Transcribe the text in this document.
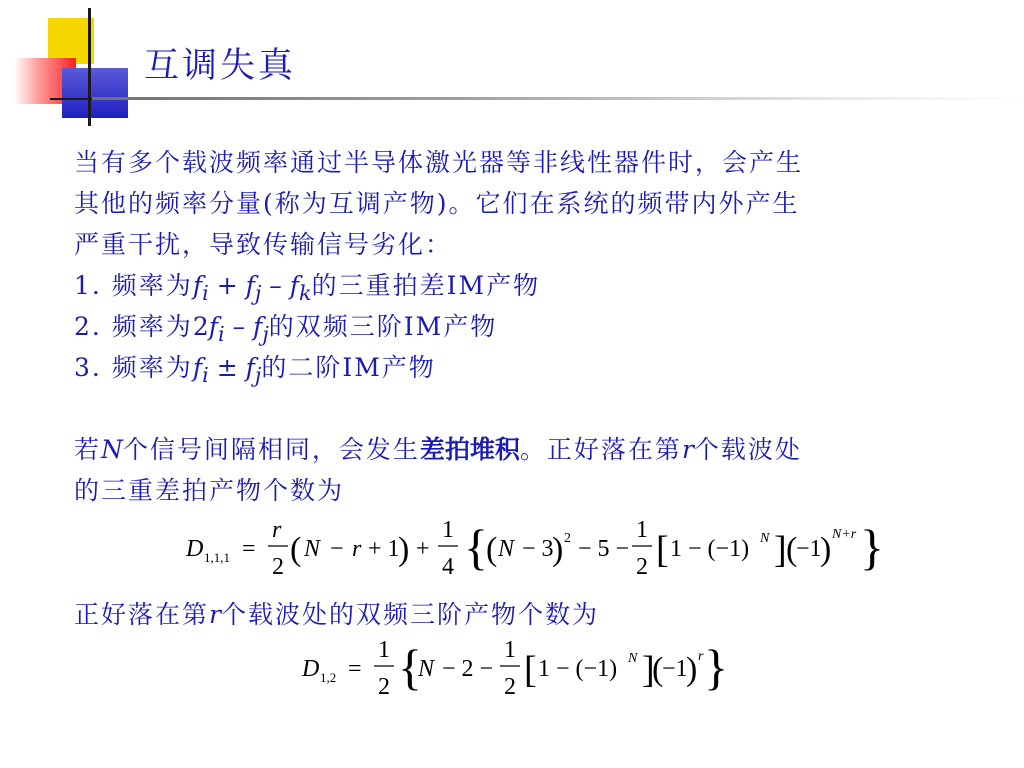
互调失真
当有多个载波频率通过半导体激光器等非线性器件时，会产生
其他的频率分量(称为互调产物)。它们在系统的频带内外产生
严重干扰，导致传输信号劣化：
1. 频率为$f_i + f_j - f_k$的三重拍差IM产物
2. 频率为$2f_i - f_j$的双频三阶IM产物
3. 频率为$f_i \pm f_j$的二阶IM产物
若N个信号间隔相同，会发生差拍堆积。正好落在第r个载波处
的三重差拍产物个数为
D 1,1,1 =
r
2 ( N − r + 1
) +
1
4 {
( N − 3
) 2 − 5 −
1
2 [ 1 − (−1) N ] (
−1
) N+r }
正好落在第r个载波处的双频三阶产物个数为
D 1,2 =
1
2 {
N − 2 −
1
2 [ 1 − (−1) N ]
(
−1
) r }
